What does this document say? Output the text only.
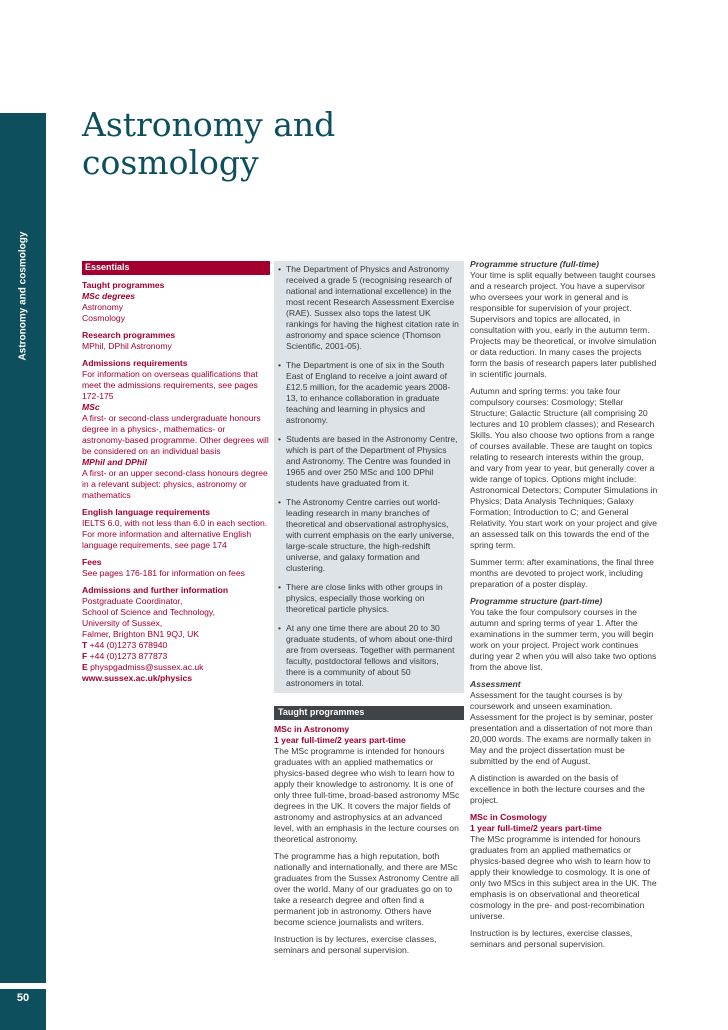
Astronomy and cosmology
50
Astronomy and
cosmology
Essentials
Taught programmes
MSc degrees
Astronomy
Cosmology
Research programmes
MPhil, DPhil Astronomy
Admissions requirements
For information on overseas qualifications that meet the admissions requirements, see pages 172-175
MSc
A first- or second-class undergraduate honours degree in a physics-, mathematics- or astronomy-based programme. Other degrees will be considered on an individual basis
MPhil and DPhil
A first- or an upper second-class honours degree in a relevant subject: physics, astronomy or mathematics
English language requirements
IELTS 6.0, with not less than 6.0 in each section. For more information and alternative English language requirements, see page 174
Fees
See pages 176-181 for information on fees
Admissions and further information
Postgraduate Coordinator,
School of Science and Technology,
University of Sussex,
Falmer, Brighton BN1 9QJ, UK
T +44 (0)1273 678940
F +44 (0)1273 877873
E physpgadmiss@sussex.ac.uk
www.sussex.ac.uk/physics
• The Department of Physics and Astronomy received a grade 5 (recognising research of national and international excellence) in the most recent Research Assessment Exercise (RAE). Sussex also tops the latest UK rankings for having the highest citation rate in astronomy and space science (Thomson Scientific, 2001-05).
• The Department is one of six in the South East of England to receive a joint award of £12.5 million, for the academic years 2008-13, to enhance collaboration in graduate teaching and learning in physics and astronomy.
• Students are based in the Astronomy Centre, which is part of the Department of Physics and Astronomy. The Centre was founded in 1965 and over 250 MSc and 100 DPhil students have graduated from it.
• The Astronomy Centre carries out world-leading research in many branches of theoretical and observational astrophysics, with current emphasis on the early universe, large-scale structure, the high-redshift universe, and galaxy formation and clustering.
• There are close links with other groups in physics, especially those working on theoretical particle physics.
• At any one time there are about 20 to 30 graduate students, of whom about one-third are from overseas. Together with permanent faculty, postdoctoral fellows and visitors, there is a community of about 50 astronomers in total.
Taught programmes
MSc in Astronomy
1 year full-time/2 years part-time

The MSc programme is intended for honours graduates with an applied mathematics or physics-based degree who wish to learn how to apply their knowledge to astronomy. It is one of only three full-time, broad-based astronomy MSc degrees in the UK. It covers the major fields of astronomy and astrophysics at an advanced level, with an emphasis in the lecture courses on theoretical astronomy.

The programme has a high reputation, both nationally and internationally, and there are MSc graduates from the Sussex Astronomy Centre all over the world. Many of our graduates go on to take a research degree and often find a permanent job in astronomy. Others have become science journalists and writers.

Instruction is by lectures, exercise classes, seminars and personal supervision.

Programme structure (full-time)

Your time is split equally between taught courses and a research project. You have a supervisor who oversees your work in general and is responsible for supervision of your project. Supervisors and topics are allocated, in consultation with you, early in the autumn term. Projects may be theoretical, or involve simulation or data reduction. In many cases the projects form the basis of research papers later published in scientific journals.

Autumn and spring terms: you take four compulsory courses: Cosmology; Stellar Structure; Galactic Structure (all comprising 20 lectures and 10 problem classes); and Research Skills. You also choose two options from a range of courses available. These are taught on topics relating to research interests within the group, and vary from year to year, but generally cover a wide range of topics. Options might include: Astronomical Detectors; Computer Simulations in Physics; Data Analysis Techniques; Galaxy Formation; Introduction to C; and General Relativity. You start work on your project and give an assessed talk on this towards the end of the spring term.

Summer term: after examinations, the final three months are devoted to project work, including preparation of a poster display.

Programme structure (part-time)

You take the four compulsory courses in the autumn and spring terms of year 1. After the examinations in the summer term, you will begin work on your project. Project work continues during year 2 when you will also take two options from the above list.

Assessment

Assessment for the taught courses is by coursework and unseen examination. Assessment for the project is by seminar, poster presentation and a dissertation of not more than 20,000 words. The exams are normally taken in May and the project dissertation must be submitted by the end of August.

A distinction is awarded on the basis of excellence in both the lecture courses and the project.

MSc in Cosmology
1 year full-time/2 years part-time

The MSc programme is intended for honours graduates from an applied mathematics or physics-based degree who wish to learn how to apply their knowledge to cosmology. It is one of only two MScs in this subject area in the UK. The emphasis is on observational and theoretical cosmology in the pre- and post-recombination universe.

Instruction is by lectures, exercise classes, seminars and personal supervision.
